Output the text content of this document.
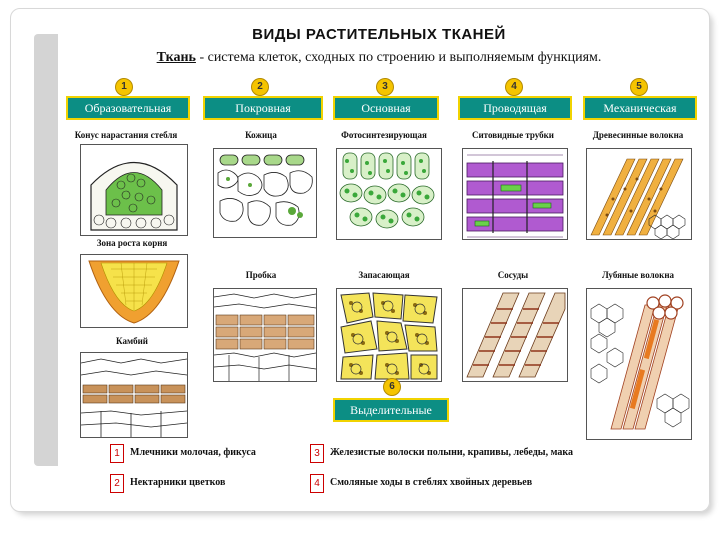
ВИДЫ РАСТИТЕЛЬНЫХ ТКАНЕЙ
Ткань - система клеток, сходных по строению и выполняемым функциям.
1
Образовательная
Конус нарастания стебля
Зона роста корня
Камбий
2
Покровная
Кожица
Пробка
3
Основная
Фотосинтезирующая
Запасающая
4
Проводящая
Ситовидные трубки
Сосуды
5
Механическая
Древесинные волокна
Лубяные волокна
6
Выделительные
1	Млечники молочая, фикуса
2	Нектарники цветков
3	Железистые волоски полыни, крапивы, лебеды, мака
4	Смоляные ходы в стеблях хвойных деревьев
